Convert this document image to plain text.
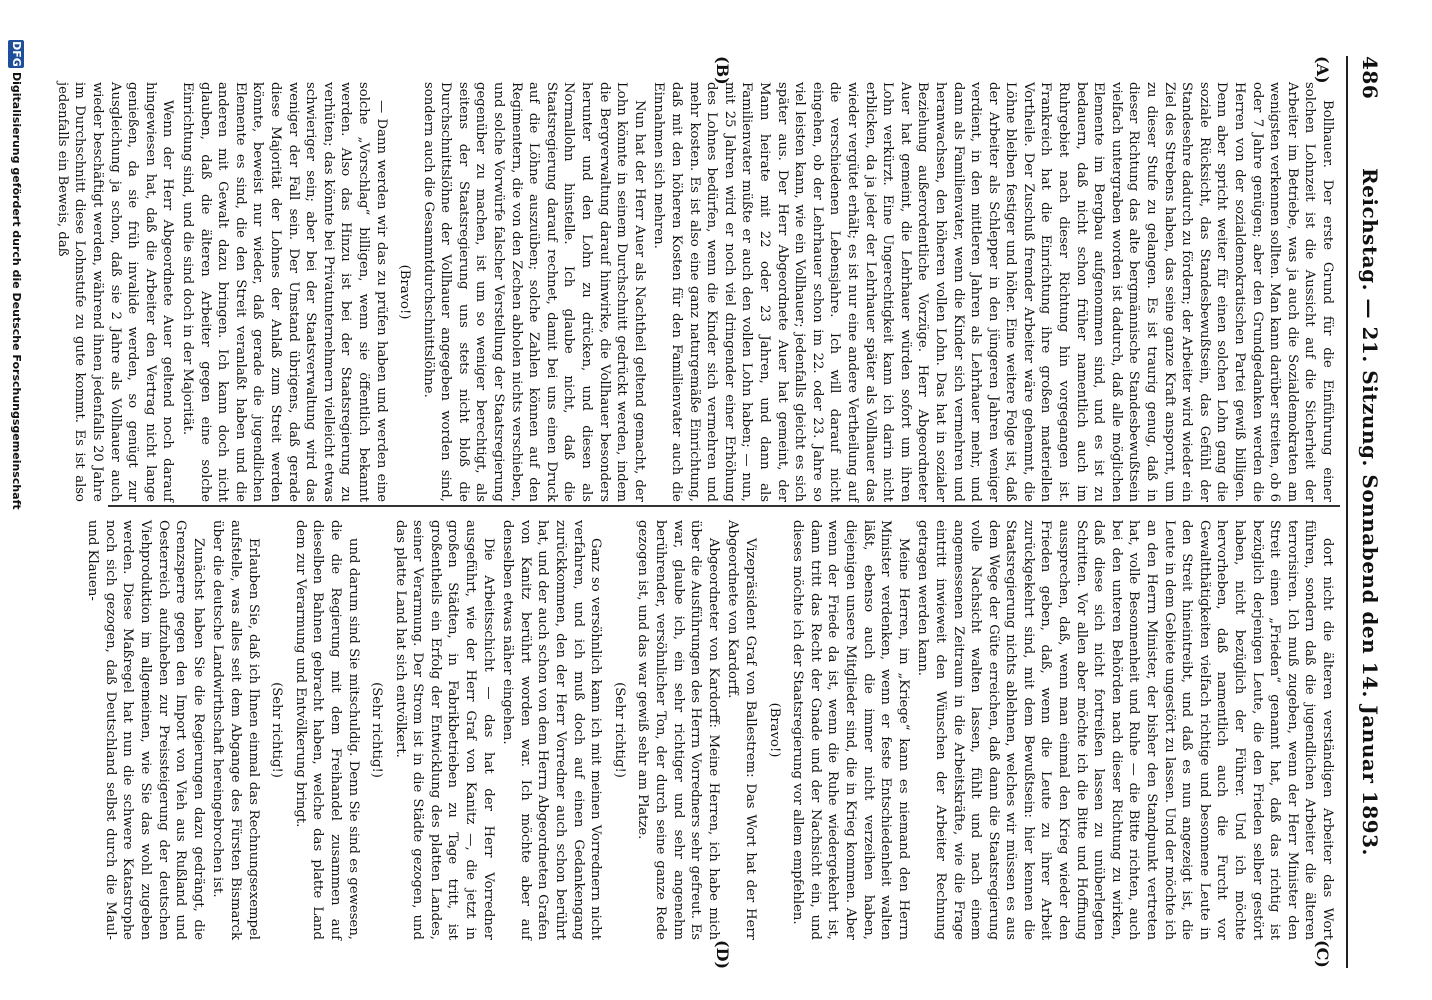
486
Reichstag. — 21. Sitzung. Sonnabend den 14. Januar 1893.
(A)
(B)
(C)
(D)

Bollhauer. Der erste Grund für die Einführung einer solchen Lohnzeit ist die Aussicht auf die Sicherheit der Arbeiter im Betriebe, was ja auch die Sozialdemokraten am wenigsten verkennen sollten. Man kann darüber streiten, ob 6 oder 7 Jahre genügen; aber den Grundgedanken werden die Herren von der sozialdemokratischen Partei gewiß billigen. Denn aber spricht weiter für einen solchen Lohn gang die soziale Rücksicht, das Standesbewußtsein, das Gefühl der Standesehre dadurch zu fördern; der Arbeiter wird wieder ein Ziel des Strebens haben, das seine ganze Kraft anspornt, um zu dieser Stufe zu gelangen. Es ist traurig genug, daß in dieser Richtung das alte bergmännische Standesbewußtsein vielfach untergraben worden ist dadurch, daß alle möglichen Elemente im Bergbau aufgenommen sind, und es ist zu bedauern, daß nicht schon früher namentlich auch im Ruhrgebiet nach dieser Richtung hin vorgegangen ist. Frankreich hat die Einrichtung ihre großen materiellen Vortheile. Der Zuschuß fremder Arbeiter wäre gehemmt, die Löhne bleiben festiger und höher. Eine weitere Folge ist, daß der Arbeiter als Schlepper in den jüngeren Jahren weniger verdient, in den mittleren Jahren als Lehrhauer mehr, und dann als Familienvater, wenn die Kinder sich vermehren und heranwachsen, den höheren vollen Lohn. Das hat in sozialer Beziehung außerordentliche Vorzüge. Herr Abgeordneter Auer hat gemeint, die Lehrhauer würden sofort um ihren Lohn verkürzt. Eine Ungerechtigkeit kann ich darin nicht erblicken, da ja jeder der Lehrhauer später als Vollhauer das wieder vergütet erhält; es ist nur eine andere Vertheilung auf die verschiedenen Lebensjahre. Ich will darauf nicht eingehen, ob der Lehrhauer schon im 22. oder 23. Jahre so viel leisten kann, wie ein Vollhauer; jedenfalls gleicht es sich später aus. Der Herr Abgeordnete Auer hat gemeint, der Mann heirate mit 22 oder 23 Jahren, und dann als Familienvater müßte er auch den vollen Lohn haben; — nun, mit 25 Jahren wird er noch viel dringender einer Erhöhung des Lohnes bedürfen, wenn die Kinder sich vermehren und mehr kosten. Es ist also eine ganz naturgemäße Einrichtung, daß mit den höheren Kosten für den Familienvater auch die Einnahmen sich mehren.

Nun hat der Herr Auer als Nachtheil geltend gemacht, der Lohn könnte in seinem Durchschnitt gedrückt werden, indem die Bergverwaltung darauf hinwirke, die Vollhauer besonders herunter und den Lohn zu drücken, und diesen als Normallohn hinstelle. Ich glaube nicht, daß die Staatsregierung darauf rechnet, damit bei uns einen Druck auf die Löhne auszuüben; solche Zahlen können auf den Regimentern, die von den Zechen abholen nichts verschieben, und solche Vorwürfe falscher Verstellung der Staatsregierung gegenüber zu machen, ist um so weniger berechtigt, als seitens der Staatsregierung uns stets nicht bloß die Durchschnittslöhne der Vollhauer angegeben worden sind, sondern auch die Gesammtdurchschnittslöhne.

(Bravo!)

— Dann werden wir das zu prüfen haben und werden eine solche „Vorschlag“ billigen, wenn sie öffentlich bekannt werden. Also das Hinzu ist bei der Staatsregierung zu verhüten; das könnte bei Privatunternehmern vielleicht etwas schwieriger sein; aber bei der Staatsverwaltung wird das weniger der Fall sein. Der Umstand übrigens, daß gerade diese Majorität der Lohnes der Anlaß zum Streit werden könnte, beweist nur wieder, daß gerade die jugendlichen Elemente es sind, die den Streit veranlaßt haben und die anderen mit Gewalt dazu bringen. Ich kann doch nicht glauben, daß die älteren Arbeiter gegen eine solche Einrichtung sind, und die sind doch in der Majorität.

Wenn der Herr Abgeordnete Auer geltend noch darauf hingewiesen hat, daß die Arbeiter den Vertrag nicht lange genießen, da sie früh invalide werden, so genügt zur Ausgleichung ja schon, daß sie 2 Jahre als Vollhauer auch wieder beschäftigt werden, während ihnen jedenfalls 20 Jahre im Durchschnitt diese Lohnstufe zu gute kommt. Es ist also jedenfalls ein Beweis, daß

dort nicht die älteren verständigen Arbeiter das Wort führen, sondern daß die jugendlichen Arbeiter die älteren terrorisiren. Ich muß zugeben, wenn der Herr Minister den Streit einen „Frieden“ genannt hat, daß das richtig ist bezüglich derjenigen Leute, die den Frieden selber gestört haben, nicht bezüglich der Führer. Und ich möchte hervorheben, daß namentlich auch die Furcht vor Gewaltthätigkeiten vielfach richtige und besonnene Leute in den Streit hineintreibt, und daß es nun angezeigt ist, die Leute in dem Gebiete ungestört zu lassen. Und der möchte ich an den Herrn Minister, der bisher den Standpunkt vertreten hat, volle Besonnenheit und Ruhe — die Bitte richten, auch bei den unteren Behörden nach dieser Richtung zu wirken, daß diese sich nicht fortreißen lassen zu unüberlegten Schritten. Vor allen aber möchte ich die Bitte und Hoffnung aussprechen, daß, wenn man einmal den Krieg wieder den Frieden geben, daß, wenn die Leute zu ihrer Arbeit zurückgekehrt sind, mit dem Bewußtsein: hier kennen die Staatsregierung nichts ablehnen, welches wir müssen es aus dem Wege der Güte erreichen, daß dann die Staatsregierung volle Nachsicht walten lassen, fühlt und nach einem angemessenen Zeitraum in die Arbeitskräfte, wie die Frage eintritt inwieweit den Wünschen der Arbeiter Rechnung getragen werden kann.

Meine Herren, im „Kriege“ kann es niemand den Herrn Minister verdenken, wenn er feste Entschiedenheit walten läßt, ebenso auch die immer nicht verzeihen haben, diejenigen unsere Mitglieder sind, die in Krieg kommen. Aber wenn der Friede da ist, wenn die Ruhe wiedergekehrt ist, dann tritt das Recht der Gnade und der Nachsicht ein, und dieses möchte ich der Staatsregierung vor allem empfehlen.

(Bravo!)

Vizepräsident Graf von Ballestrem: Das Wort hat der Herr Abgeordnete von Kardorff.

Abgeordneter von Kardorff: Meine Herren, ich habe mich über die Ausführungen des Herrn Vorredners sehr gefreut. Es war, glaube ich, ein sehr richtiger und sehr angenehm berührender, versöhnlicher Ton, der durch seine ganze Rede gezogen ist, und das war gewiß sehr am Platze.

(Sehr richtig!)

Ganz so versöhnlich kann ich mit meinen Vorrednern nicht verfahren, und ich muß doch auf einen Gedankengang zurückkommen, den der Herr Vorredner auch schon berührt hat, und der auch schon von dem Herrn Abgeordneten Grafen von Kanitz berührt worden war. Ich möchte aber auf denselben etwas näher eingehen.

Die Arbeitsschicht — das hat der Herr Vorredner ausgeführt, wie der Herr Graf von Kanitz —, die jetzt in großen Städten, in Fabrikbetrieben zu Tage tritt, ist großentheils ein Erfolg der Entwicklung des platten Landes, seiner Verarmung. Der Strom ist in die Städte gezogen, und das platte Land hat sich entvölkert.

(Sehr richtig!)

und darum sind Sie mitschuldig. Denn Sie sind es gewesen, die die Regierung mit dem Freihandel zusammen auf dieselben Bahnen gebracht haben, welche das platte Land dem zur Verarmung und Entvölkerung bringt.

(Sehr richtig!)

Erlauben Sie, daß ich Ihnen einmal das Rechnungsexempel aufstelle, was alles seit dem Abgange des Fürsten Bismarck über die deutsche Landwirthschaft hereingebrochen ist.

Zunächst haben Sie die Regierungen dazu gedrängt, die Grenzsperre gegen den Import von Vieh aus Rußland und Oesterreich aufzuheben zur Preissteigerung der deutschen Viehproduktion im allgemeinen, wie Sie das wohl zugeben werden. Diese Maßregel hat nun die schwere Katastrophe noch sich gezogen, daß Deutschland selbst durch die Maul- und Klauen-

DFG
Digitalisierung gefördert durch die Deutsche Forschungsgemeinschaft
